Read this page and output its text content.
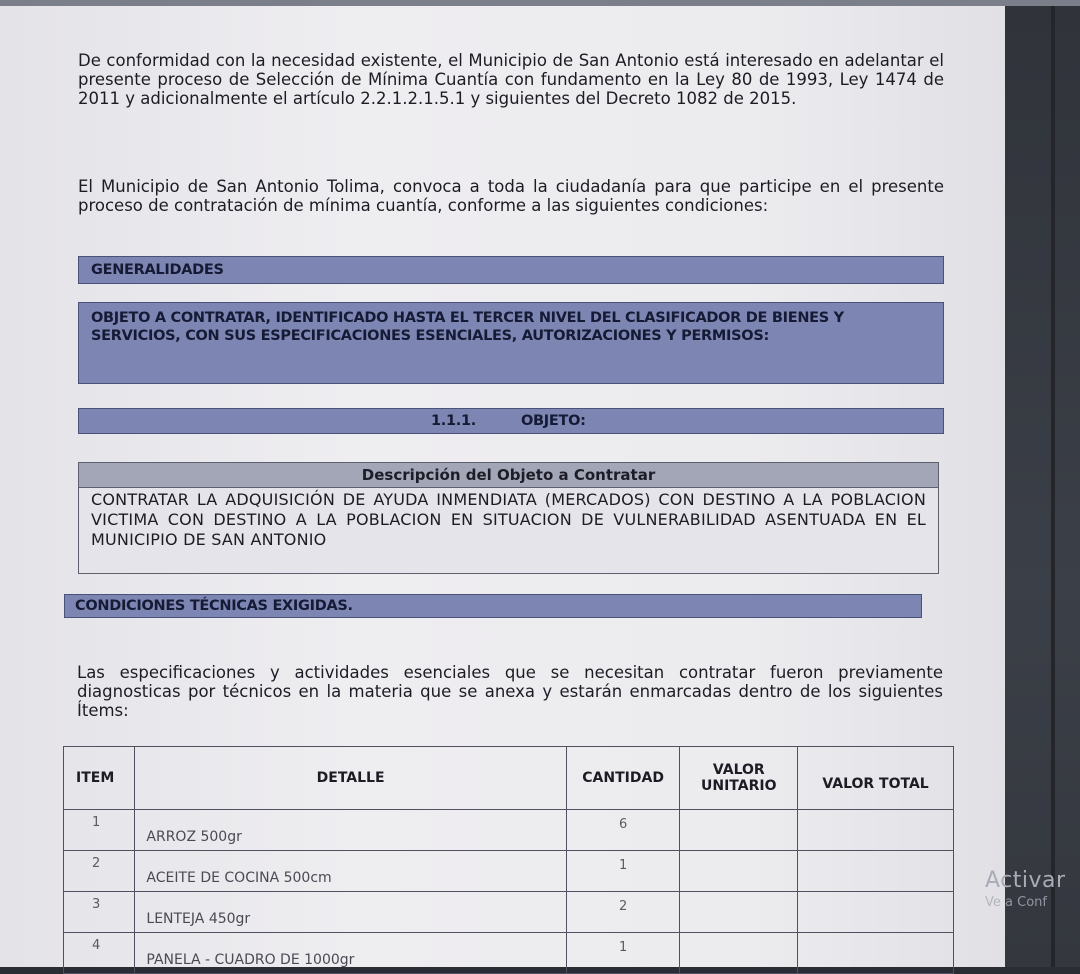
De conformidad con la necesidad existente, el Municipio de San Antonio está interesado en adelantar el presente proceso de Selección de Mínima Cuantía con fundamento en la Ley 80 de 1993, Ley 1474 de 2011 y adicionalmente el artículo 2.2.1.2.1.5.1 y siguientes del Decreto 1082 de 2015.

El Municipio de San Antonio Tolima, convoca a toda la ciudadanía para que participe en el presente proceso de contratación de mínima cuantía, conforme a las siguientes condiciones:

GENERALIDADES
OBJETO A CONTRATAR, IDENTIFICADO HASTA EL TERCER NIVEL DEL CLASIFICADOR DE BIENES Y SERVICIOS, CON SUS ESPECIFICACIONES ESENCIALES, AUTORIZACIONES Y PERMISOS:
1.1.1.	OBJETO:
Descripción del Objeto a Contratar
CONTRATAR LA ADQUISICIÓN DE AYUDA INMENDIATA (MERCADOS) CON DESTINO A LA POBLACION VICTIMA CON DESTINO A LA POBLACION EN SITUACION DE VULNERABILIDAD ASENTUADA EN EL MUNICIPIO DE SAN ANTONIO
CONDICIONES TÉCNICAS EXIGIDAS.

Las especificaciones y actividades esenciales que se necesitan contratar fueron previamente diagnosticas por técnicos en la materia que se anexa y estarán enmarcadas dentro de los siguientes Ítems:

ITEM	DETALLE	CANTIDAD	VALOR UNITARIO	VALOR TOTAL

1	ARROZ 500gr	6		

2	ACEITE DE COCINA 500cm	1		

3	LENTEJA 450gr	2		

4	PANELA - CUADRO DE 1000gr	1		

Activar
Ve a Conf
